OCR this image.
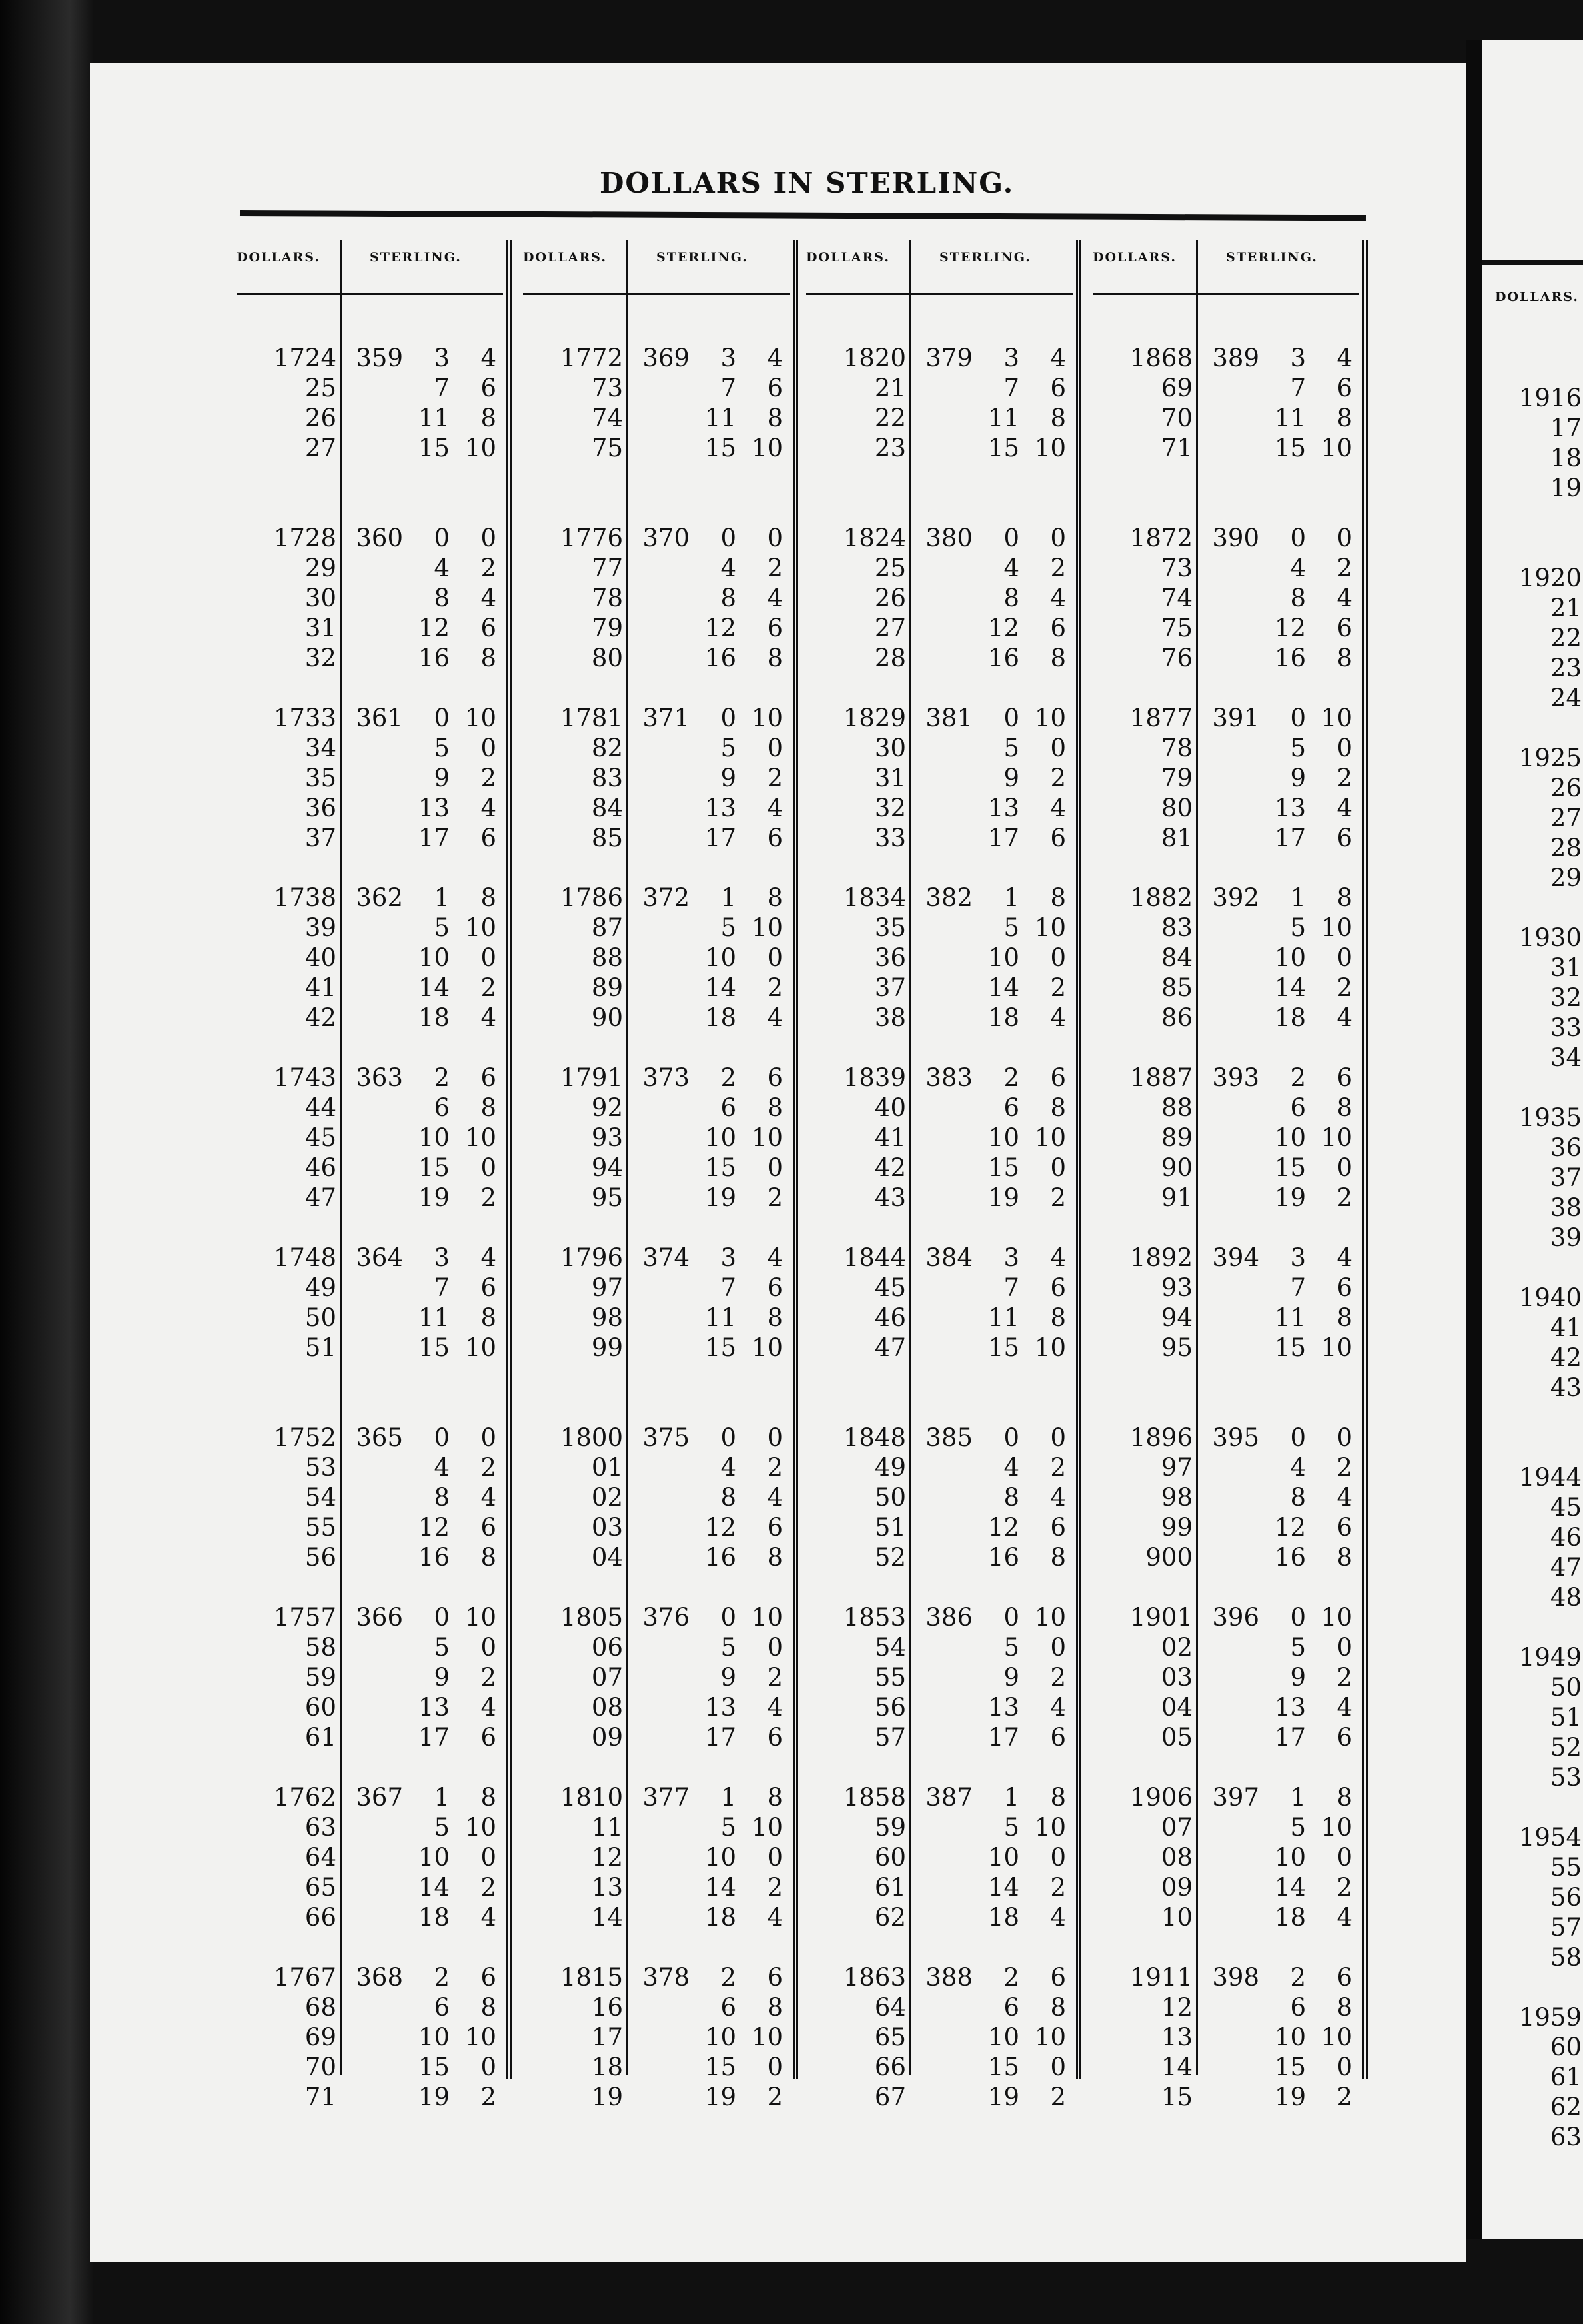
DOLLARS.
1916
17
18
19
1920
21
22
23
24
1925
26
27
28
29
1930
31
32
33
34
1935
36
37
38
39
1940
41
42
43
1944
45
46
47
48
1949
50
51
52
53
1954
55
56
57
58
1959
60
61
62
63
DOLLARS IN STERLING.
DOLLARS.	STERLING.
1724 359	3	4
25	7	6
26	11	8
27	15 10
1728 360	0	0
29	4	2
30	8	4
31	12	6
32	16	8
1733 361	0 10
34	5	0
35	9	2
36	13	4
37	17	6
1738 362	1	8
39	5 10
40	10	0
41	14	2
42	18	4
1743 363	2	6
44	6	8
45	10 10
46	15	0
47	19	2
1748 364	3	4
49	7	6
50	11	8
51	15 10
1752 365	0	0
53	4	2
54	8	4
55	12	6
56	16	8
1757 366	0 10
58	5	0
59	9	2
60	13	4
61	17	6
1762 367	1	8
63	5 10
64	10	0
65	14	2
66	18	4
1767 368	2	6
68	6	8
69	10 10
70	15	0
71	19	2
DOLLARS.	STERLING.
1772 369	3	4
73	7	6
74	11	8
75	15 10
1776 370	0	0
77	4	2
78	8	4
79	12	6
80	16	8
1781 371	0 10
82	5	0
83	9	2
84	13	4
85	17	6
1786 372	1	8
87	5 10
88	10	0
89	14	2
90	18	4
1791 373	2	6
92	6	8
93	10 10
94	15	0
95	19	2
1796 374	3	4
97	7	6
98	11	8
99	15 10
1800 375	0	0
01	4	2
02	8	4
03	12	6
04	16	8
1805 376	0 10
06	5	0
07	9	2
08	13	4
09	17	6
1810 377	1	8
11	5 10
12	10	0
13	14	2
14	18	4
1815 378	2	6
16	6	8
17	10 10
18	15	0
19	19	2
DOLLARS.	STERLING.
1820 379	3	4
21	7	6
22	11	8
23	15 10
1824 380	0	0
25	4	2
26	8	4
27	12	6
28	16	8
1829 381	0 10
30	5	0
31	9	2
32	13	4
33	17	6
1834 382	1	8
35	5 10
36	10	0
37	14	2
38	18	4
1839 383	2	6
40	6	8
41	10 10
42	15	0
43	19	2
1844 384	3	4
45	7	6
46	11	8
47	15 10
1848 385	0	0
49	4	2
50	8	4
51	12	6
52	16	8
1853 386	0 10
54	5	0
55	9	2
56	13	4
57	17	6
1858 387	1	8
59	5 10
60	10	0
61	14	2
62	18	4
1863 388	2	6
64	6	8
65	10 10
66	15	0
67	19	2
DOLLARS.	STERLING.
1868 389	3	4
69	7	6
70	11	8
71	15 10
1872 390	0	0
73	4	2
74	8	4
75	12	6
76	16	8
1877 391	0 10
78	5	0
79	9	2
80	13	4
81	17	6
1882 392	1	8
83	5 10
84	10	0
85	14	2
86	18	4
1887 393	2	6
88	6	8
89	10 10
90	15	0
91	19	2
1892 394	3	4
93	7	6
94	11	8
95	15 10
1896 395	0	0
97	4	2
98	8	4
99	12	6
900	16	8
1901 396	0 10
02	5	0
03	9	2
04	13	4
05	17	6
1906 397	1	8
07	5 10
08	10	0
09	14	2
10	18	4
1911 398	2	6
12	6	8
13	10 10
14	15	0
15	19	2
